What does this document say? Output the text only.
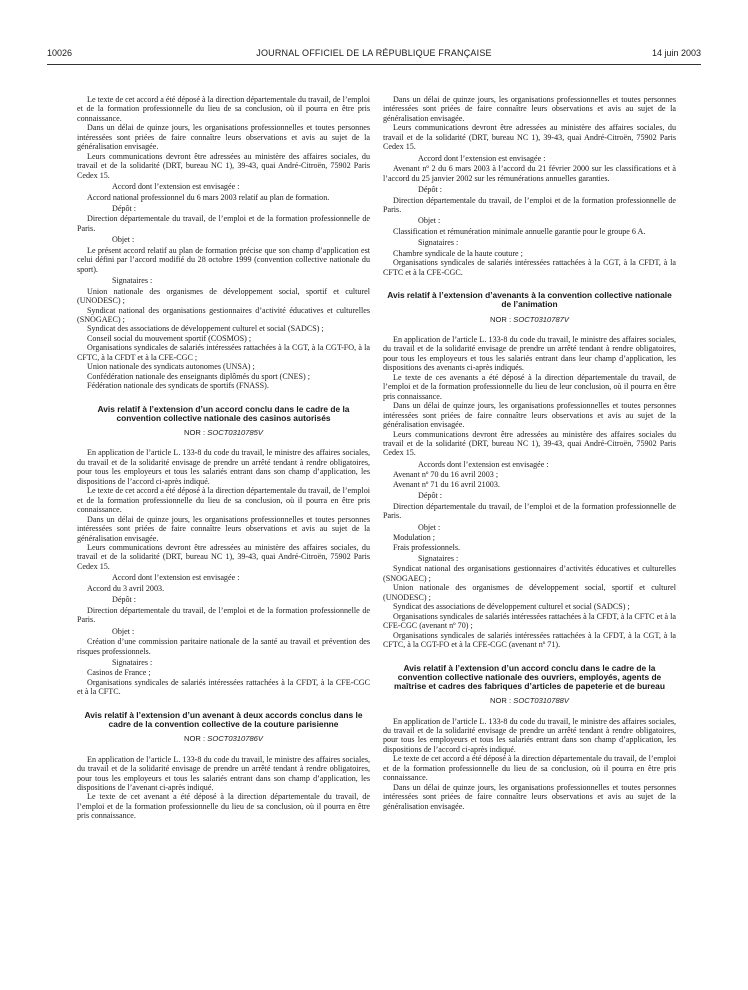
10026	JOURNAL OFFICIEL DE LA RÉPUBLIQUE FRANÇAISE	14 juin 2003

Le texte de cet accord a été déposé à la direction départementale du travail, de l’emploi et de la formation professionnelle du lieu de sa conclusion, où il pourra en être pris connaissance.

Dans un délai de quinze jours, les organisations professionnelles et toutes personnes intéressées sont priées de faire connaître leurs observations et avis au sujet de la généralisation envisagée.

Leurs communications devront être adressées au ministère des affaires sociales, du travail et de la solidarité (DRT, bureau NC 1), 39-43, quai André-Citroën, 75902 Paris Cedex 15.

Accord dont l’extension est envisagée :

Accord national professionnel du 6 mars 2003 relatif au plan de formation.

Dépôt :

Direction départementale du travail, de l’emploi et de la formation professionnelle de Paris.

Objet :

Le présent accord relatif au plan de formation précise que son champ d’application est celui défini par l’accord modifié du 28 octobre 1999 (convention collective nationale du sport).

Signataires :

Union nationale des organismes de développement social, sportif et culturel (UNODESC) ;

Syndicat national des organisations gestionnaires d’activité éducatives et culturelles (SNOGAEC) ;

Syndicat des associations de développement culturel et social (SADCS) ;

Conseil social du mouvement sportif (COSMOS) ;

Organisations syndicales de salariés intéressées rattachées à la CGT, à la CGT-FO, à la CFTC, à la CFDT et à la CFE-CGC ;

Union nationale des syndicats autonomes (UNSA) ;

Confédération nationale des enseignants diplômés du sport (CNES) ;

Fédération nationale des syndicats de sportifs (FNASS).

Avis relatif à l’extension d’un accord conclu dans le cadre de la convention collective nationale des casinos autorisés

NOR : SOCT0310785V

En application de l’article L. 133-8 du code du travail, le ministre des affaires sociales, du travail et de la solidarité envisage de prendre un arrêté tendant à rendre obligatoires, pour tous les employeurs et tous les salariés entrant dans son champ d’application, les dispositions de l’accord ci-après indiqué.

Le texte de cet accord a été déposé à la direction départementale du travail, de l’emploi et de la formation professionnelle du lieu de sa conclusion, où il pourra en être pris connaissance.

Dans un délai de quinze jours, les organisations professionnelles et toutes personnes intéressées sont priées de faire connaître leurs observations et avis au sujet de la généralisation envisagée.

Leurs communications devront être adressées au ministère des affaires sociales, du travail et de la solidarité (DRT, bureau NC 1), 39-43, quai André-Citroën, 75902 Paris Cedex 15.

Accord dont l’extension est envisagée :

Accord du 3 avril 2003.

Dépôt :

Direction départementale du travail, de l’emploi et de la formation professionnelle de Paris.

Objet :

Création d’une commission paritaire nationale de la santé au travail et prévention des risques professionnels.

Signataires :

Casinos de France ;

Organisations syndicales de salariés intéressées rattachées à la CFDT, à la CFE-CGC et à la CFTC.

Avis relatif à l’extension d’un avenant à deux accords conclus dans le cadre de la convention collective de la couture parisienne

NOR : SOCT0310786V

En application de l’article L. 133-8 du code du travail, le ministre des affaires sociales, du travail et de la solidarité envisage de prendre un arrêté tendant à rendre obligatoires, pour tous les employeurs et tous les salariés entrant dans son champ d’application, les dispositions de l’avenant ci-après indiqué.

Le texte de cet avenant a été déposé à la direction départementale du travail, de l’emploi et de la formation professionnelle du lieu de sa conclusion, où il pourra en être pris connaissance.

Dans un délai de quinze jours, les organisations professionnelles et toutes personnes intéressées sont priées de faire connaître leurs observations et avis au sujet de la généralisation envisagée.

Leurs communications devront être adressées au ministère des affaires sociales, du travail et de la solidarité (DRT, bureau NC 1), 39-43, quai André-Citroën, 75902 Paris Cedex 15.

Accord dont l’extension est envisagée :

Avenant nº 2 du 6 mars 2003 à l’accord du 21 février 2000 sur les classifications et à l’accord du 25 janvier 2002 sur les rémunérations annuelles garanties.

Dépôt :

Direction départementale du travail, de l’emploi et de la formation professionnelle de Paris.

Objet :

Classification et rémunération minimale annuelle garantie pour le groupe 6 A.

Signataires :

Chambre syndicale de la haute couture ;

Organisations syndicales de salariés intéressées rattachées à la CGT, à la CFDT, à la CFTC et à la CFE-CGC.

Avis relatif à l’extension d’avenants à la convention collective nationale de l’animation

NOR : SOCT0310787V

En application de l’article L. 133-8 du code du travail, le ministre des affaires sociales, du travail et de la solidarité envisage de prendre un arrêté tendant à rendre obligatoires, pour tous les employeurs et tous les salariés entrant dans leur champ d’application, les dispositions des avenants ci-après indiqués.

Le texte de ces avenants a été déposé à la direction départementale du travail, de l’emploi et de la formation professionnelle du lieu de leur conclusion, où il pourra en être pris connaissance.

Dans un délai de quinze jours, les organisations professionnelles et toutes personnes intéressées sont priées de faire connaître leurs observations et avis au sujet de la généralisation envisagée.

Leurs communications devront être adressées au ministère des affaires sociales du travail et de la solidarité (DRT, bureau NC 1), 39-43, quai André-Citroën, 75902 Paris Cedex 15.

Accords dont l’extension est envisagée :

Avenant nº 70 du 16 avril 2003 ;

Avenant nº 71 du 16 avril 21003.

Dépôt :

Direction départementale du travail, de l’emploi et de la formation professionnelle de Paris.

Objet :

Modulation ;

Frais professionnels.

Signataires :

Syndicat national des organisations gestionnaires d’activités éducatives et culturelles (SNOGAEC) ;

Union nationale des organismes de développement social, sportif et culturel (UNODESC) ;

Syndicat des associations de développement culturel et social (SADCS) ;

Organisations syndicales de salariés intéressées rattachées à la CFDT, à la CFTC et à la CFE-CGC (avenant nº 70) ;

Organisations syndicales de salariés intéressées rattachées à la CFDT, à la CGT, à la CFTC, à la CGT-FO et à la CFE-CGC (avenant nº 71).

Avis relatif à l’extension d’un accord conclu dans le cadre de la convention collective nationale des ouvriers, employés, agents de maîtrise et cadres des fabriques d’articles de papeterie et de bureau

NOR : SOCT0310788V

En application de l’article L. 133-8 du code du travail, le ministre des affaires sociales, du travail et de la solidarité envisage de prendre un arrêté tendant à rendre obligatoires, pour tous les employeurs et tous les salariés entrant dans son champ d’application, les dispositions de l’accord ci-après indiqué.

Le texte de cet accord a été déposé à la direction départementale du travail, de l’emploi et de la formation professionnelle du lieu de sa conclusion, où il pourra en être pris connaissance.

Dans un délai de quinze jours, les organisations professionnelles et toutes personnes intéressées sont priées de faire connaître leurs observations et avis au sujet de la généralisation envisagée.
